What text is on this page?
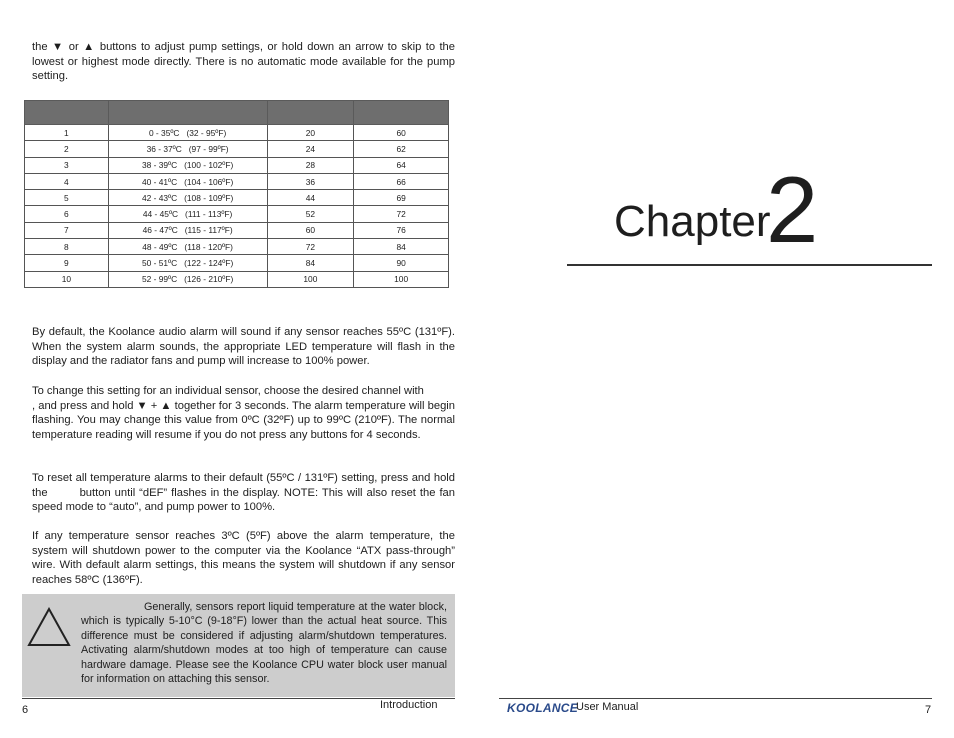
the ▼ or ▲ buttons to adjust pump settings, or hold down an arrow to skip to the lowest or highest mode directly. There is no automatic mode available for the pump setting.

1	0 - 35ºC   (32 - 95ºF)	20	60
2	36 - 37ºC   (97 - 99ºF)	24	62
3	38 - 39ºC   (100 - 102ºF)	28	64
4	40 - 41ºC   (104 - 106ºF)	36	66
5	42 - 43ºC   (108 - 109ºF)	44	69
6	44 - 45ºC   (111 - 113ºF)	52	72
7	46 - 47ºC   (115 - 117ºF)	60	76
8	48 - 49ºC   (118 - 120ºF)	72	84
9	50 - 51ºC   (122 - 124ºF)	84	90
10	52 - 99ºC   (126 - 210ºF)	100	100

By default, the Koolance audio alarm will sound if any sensor reaches 55ºC (131ºF). When the system alarm sounds, the appropriate LED temperature will flash in the display and the radiator fans and pump will increase to 100% power.

To change this setting for an individual sensor, choose the desired channel with , and press and hold ▼ + ▲ together for 3 seconds. The alarm temperature will begin flashing. You may change this value from 0ºC (32ºF) up to 99ºC (210ºF). The normal temperature reading will resume if you do not press any buttons for 4 seconds.

To reset all temperature alarms to their default (55ºC / 131ºF) setting, press and hold the	button until “dEF” flashes in the display. NOTE: This will also reset the fan speed mode to “auto”, and pump power to 100%.

If any temperature sensor reaches 3ºC (5ºF) above the alarm temperature, the system will shutdown power to the computer via the Koolance “ATX pass-through” wire. With default alarm settings, this means the system will shutdown if any sensor reaches 58ºC (136ºF).

Generally, sensors report liquid temperature at the water block, which is typically 5-10°C (9-18°F) lower than the actual heat source. This difference must be considered if adjusting alarm/shutdown temperatures. Activating alarm/shutdown modes at too high of temperature can cause hardware damage. Please see the Koolance CPU water block user manual for information on attaching this sensor.

6	Introduction
Chapter
2
KOOLANCE
User Manual	7
